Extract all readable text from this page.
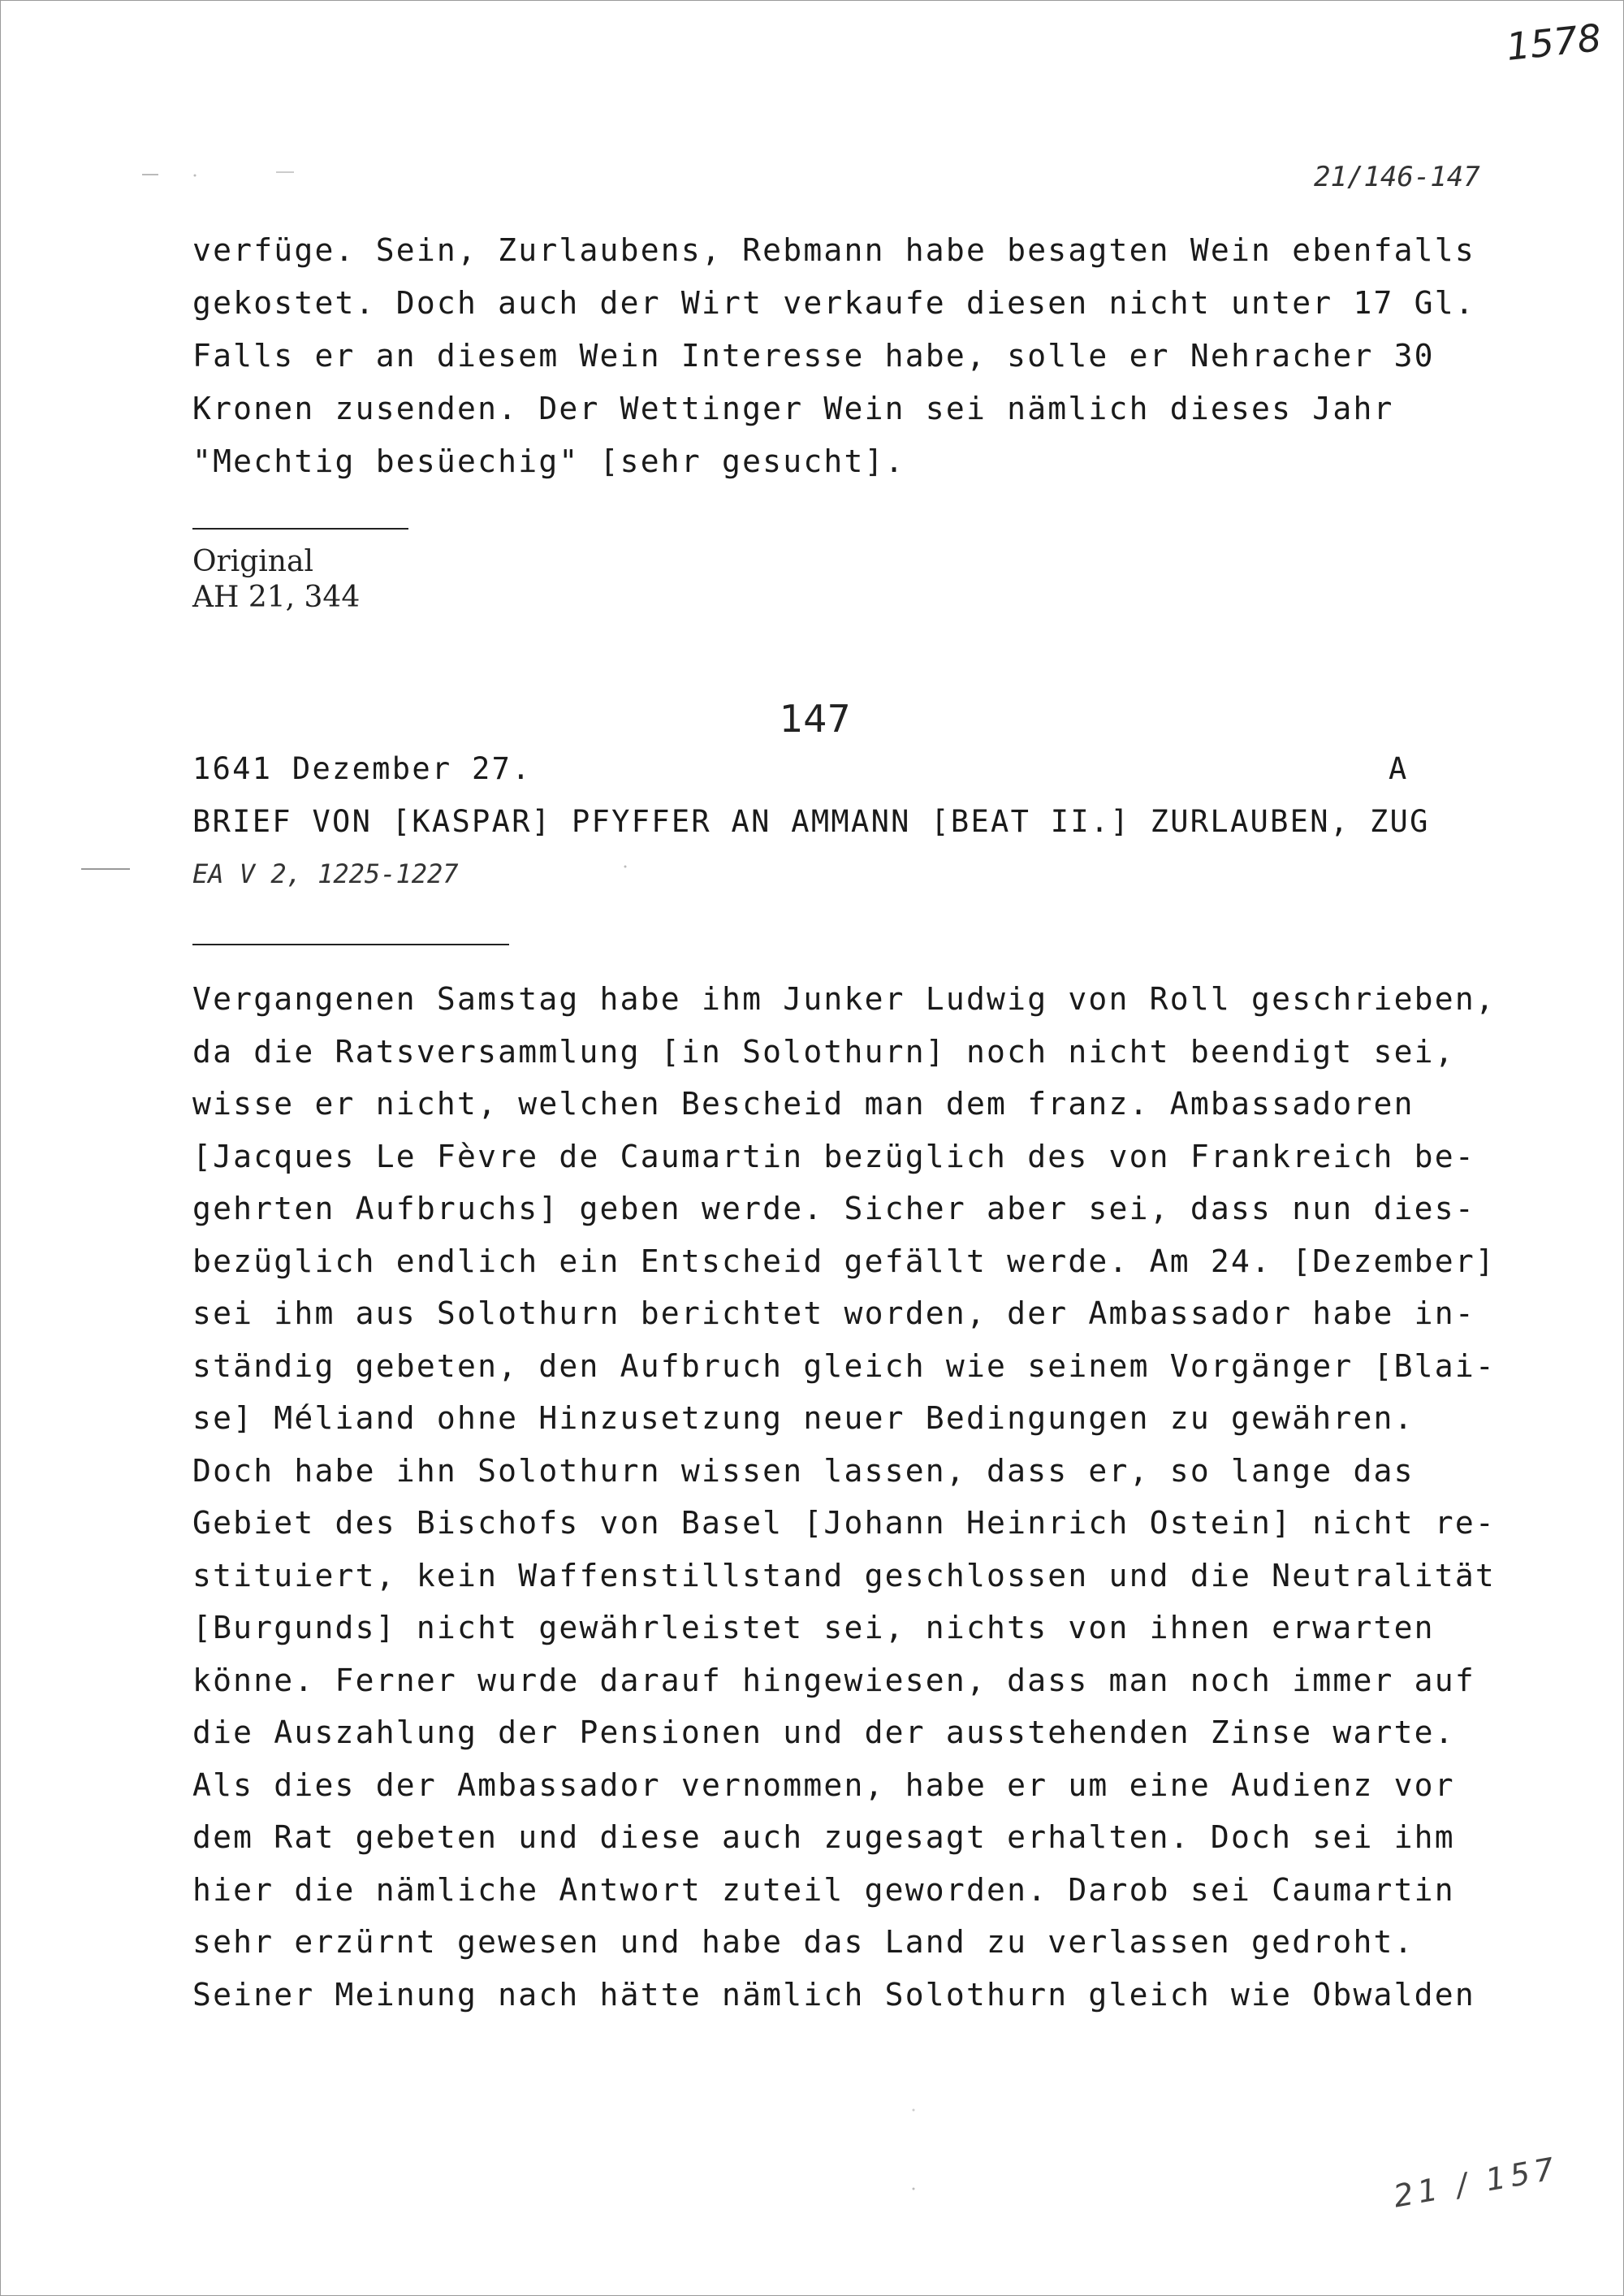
1578
21/146-147
verfüge. Sein, Zurlaubens, Rebmann habe besagten Wein ebenfalls
gekostet. Doch auch der Wirt verkaufe diesen nicht unter 17 Gl.
Falls er an diesem Wein Interesse habe, solle er Nehracher 30
Kronen zusenden. Der Wettinger Wein sei nämlich dieses Jahr
"Mechtig besüechig" [sehr gesucht].
Original
AH 21, 344
147
1641 Dezember 27.	A
BRIEF VON [KASPAR] PFYFFER AN AMMANN [BEAT II.] ZURLAUBEN, ZUG
EA V 2, 1225-1227
Vergangenen Samstag habe ihm Junker Ludwig von Roll geschrieben,
da die Ratsversammlung [in Solothurn] noch nicht beendigt sei,
wisse er nicht, welchen Bescheid man dem franz. Ambassadoren
[Jacques Le Fèvre de Caumartin bezüglich des von Frankreich be-
gehrten Aufbruchs] geben werde. Sicher aber sei, dass nun dies-
bezüglich endlich ein Entscheid gefällt werde. Am 24. [Dezember]
sei ihm aus Solothurn berichtet worden, der Ambassador habe in-
ständig gebeten, den Aufbruch gleich wie seinem Vorgänger [Blai-
se] Méliand ohne Hinzusetzung neuer Bedingungen zu gewähren.
Doch habe ihn Solothurn wissen lassen, dass er, so lange das
Gebiet des Bischofs von Basel [Johann Heinrich Ostein] nicht re-
stituiert, kein Waffenstillstand geschlossen und die Neutralität
[Burgunds] nicht gewährleistet sei, nichts von ihnen erwarten
könne. Ferner wurde darauf hingewiesen, dass man noch immer auf
die Auszahlung der Pensionen und der ausstehenden Zinse warte.
Als dies der Ambassador vernommen, habe er um eine Audienz vor
dem Rat gebeten und diese auch zugesagt erhalten. Doch sei ihm
hier die nämliche Antwort zuteil geworden. Darob sei Caumartin
sehr erzürnt gewesen und habe das Land zu verlassen gedroht.
Seiner Meinung nach hätte nämlich Solothurn gleich wie Obwalden
21 / 157
